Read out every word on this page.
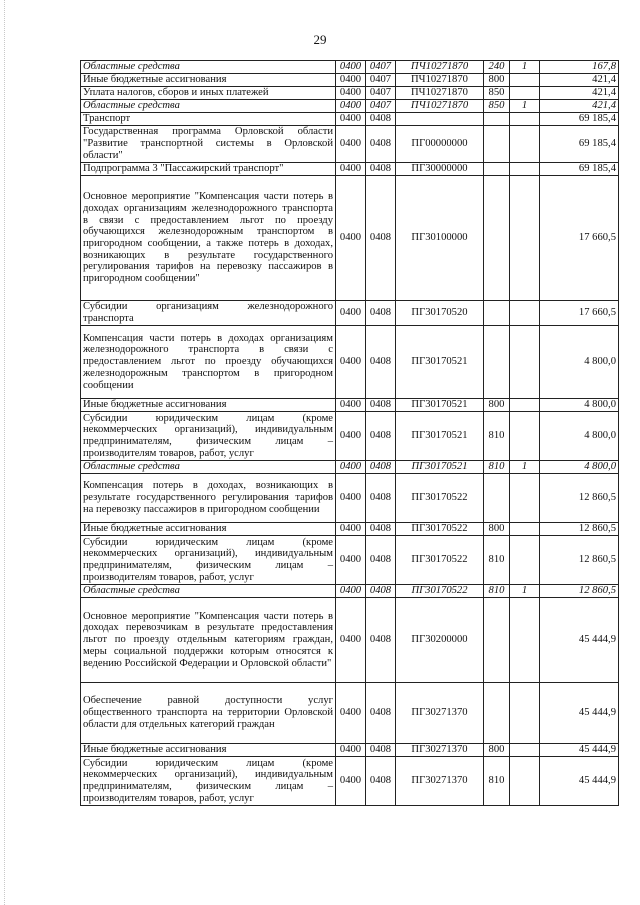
29
Областные средства	0400	0407	ПЧ10271870	240	1	167,8
Иные бюджетные ассигнования	0400	0407	ПЧ10271870	800		421,4
Уплата налогов, сборов и иных платежей	0400	0407	ПЧ10271870	850		421,4
Областные средства	0400	0407	ПЧ10271870	850	1	421,4
Транспорт	0400	0408				69 185,4
Государственная программа Орловской области "Развитие транспортной системы в Орловской области"	0400	0408	ПГ00000000			69 185,4
Подпрограмма 3 "Пассажирский транспорт"	0400	0408	ПГ30000000			69 185,4
Основное мероприятие "Компенсация части потерь в доходах организациям железнодорожного транспорта в связи с предоставлением льгот по проезду обучающихся железнодорожным транспортом в пригородном сообщении, а также потерь в доходах, возникающих в результате государственного регулирования тарифов на перевозку пассажиров в пригородном сообщении"	0400	0408	ПГ30100000			17 660,5
Субсидии организациям железнодорожного транспорта	0400	0408	ПГ30170520			17 660,5
Компенсация части потерь в доходах организациям железнодорожного транспорта в связи с предоставлением льгот по проезду обучающихся железнодорожным транспортом в пригородном сообщении	0400	0408	ПГ30170521			4 800,0
Иные бюджетные ассигнования	0400	0408	ПГ30170521	800		4 800,0
Субсидии юридическим лицам (кроме некоммерческих организаций), индивидуальным предпринимателям, физическим лицам – производителям товаров, работ, услуг	0400	0408	ПГ30170521	810		4 800,0
Областные средства	0400	0408	ПГ30170521	810	1	4 800,0
Компенсация потерь в доходах, возникающих в результате государственного регулирования тарифов на перевозку пассажиров в пригородном сообщении	0400	0408	ПГ30170522			12 860,5
Иные бюджетные ассигнования	0400	0408	ПГ30170522	800		12 860,5
Субсидии юридическим лицам (кроме некоммерческих организаций), индивидуальным предпринимателям, физическим лицам – производителям товаров, работ, услуг	0400	0408	ПГ30170522	810		12 860,5
Областные средства	0400	0408	ПГ30170522	810	1	12 860,5
Основное мероприятие "Компенсация части потерь в доходах перевозчикам в результате предоставления льгот по проезду отдельным категориям граждан, меры социальной поддержки которым относятся к ведению Российской Федерации и Орловской области"	0400	0408	ПГ30200000			45 444,9
Обеспечение равной доступности услуг общественного транспорта на территории Орловской области для отдельных категорий граждан	0400	0408	ПГ30271370			45 444,9
Иные бюджетные ассигнования	0400	0408	ПГ30271370	800		45 444,9
Субсидии юридическим лицам (кроме некоммерческих организаций), индивидуальным предпринимателям, физическим лицам – производителям товаров, работ, услуг	0400	0408	ПГ30271370	810		45 444,9
